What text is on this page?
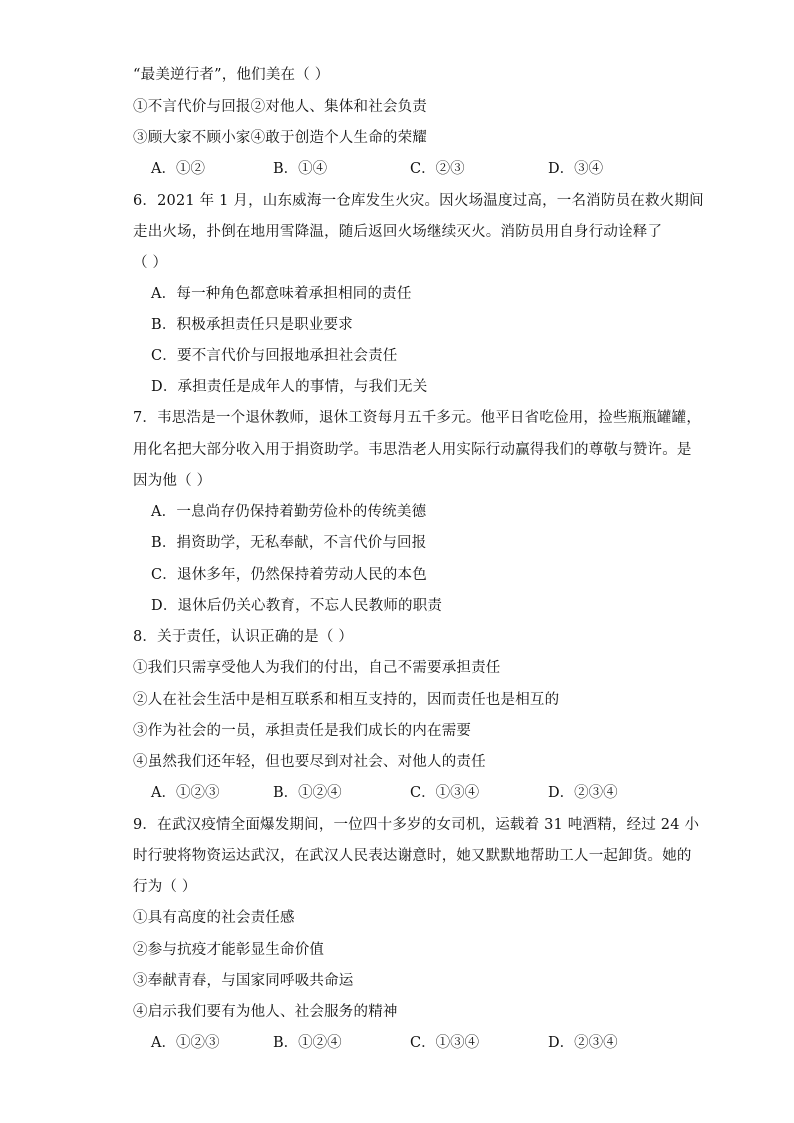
“最美逆行者”，他们美在（ ）
①不言代价与回报②对他人、集体和社会负责
③顾大家不顾小家④敢于创造个人生命的荣耀
A．①②	B．①④	C．②③	D．③④
6．2021 年 1 月，山东威海一仓库发生火灾。因火场温度过高，一名消防员在救火期间
走出火场，扑倒在地用雪降温，随后返回火场继续灭火。消防员用自身行动诠释了
（ ）
A．每一种角色都意味着承担相同的责任
B．积极承担责任只是职业要求
C．要不言代价与回报地承担社会责任
D．承担责任是成年人的事情，与我们无关
7．韦思浩是一个退休教师，退休工资每月五千多元。他平日省吃俭用，捡些瓶瓶罐罐，
用化名把大部分收入用于捐资助学。韦思浩老人用实际行动赢得我们的尊敬与赞许。是
因为他（ ）
A．一息尚存仍保持着勤劳俭朴的传统美德
B．捐资助学，无私奉献，不言代价与回报
C．退休多年，仍然保持着劳动人民的本色
D．退休后仍关心教育，不忘人民教师的职责
8．关于责任，认识正确的是（ ）
①我们只需享受他人为我们的付出，自己不需要承担责任
②人在社会生活中是相互联系和相互支持的，因而责任也是相互的
③作为社会的一员，承担责任是我们成长的内在需要
④虽然我们还年轻，但也要尽到对社会、对他人的责任
A．①②③	B．①②④	C．①③④	D．②③④
9．在武汉疫情全面爆发期间，一位四十多岁的女司机，运载着 31 吨酒精，经过 24 小
时行驶将物资运达武汉，在武汉人民表达谢意时，她又默默地帮助工人一起卸货。她的
行为（ ）
①具有高度的社会责任感
②参与抗疫才能彰显生命价值
③奉献青春，与国家同呼吸共命运
④启示我们要有为他人、社会服务的精神
A．①②③	B．①②④	C．①③④	D．②③④
